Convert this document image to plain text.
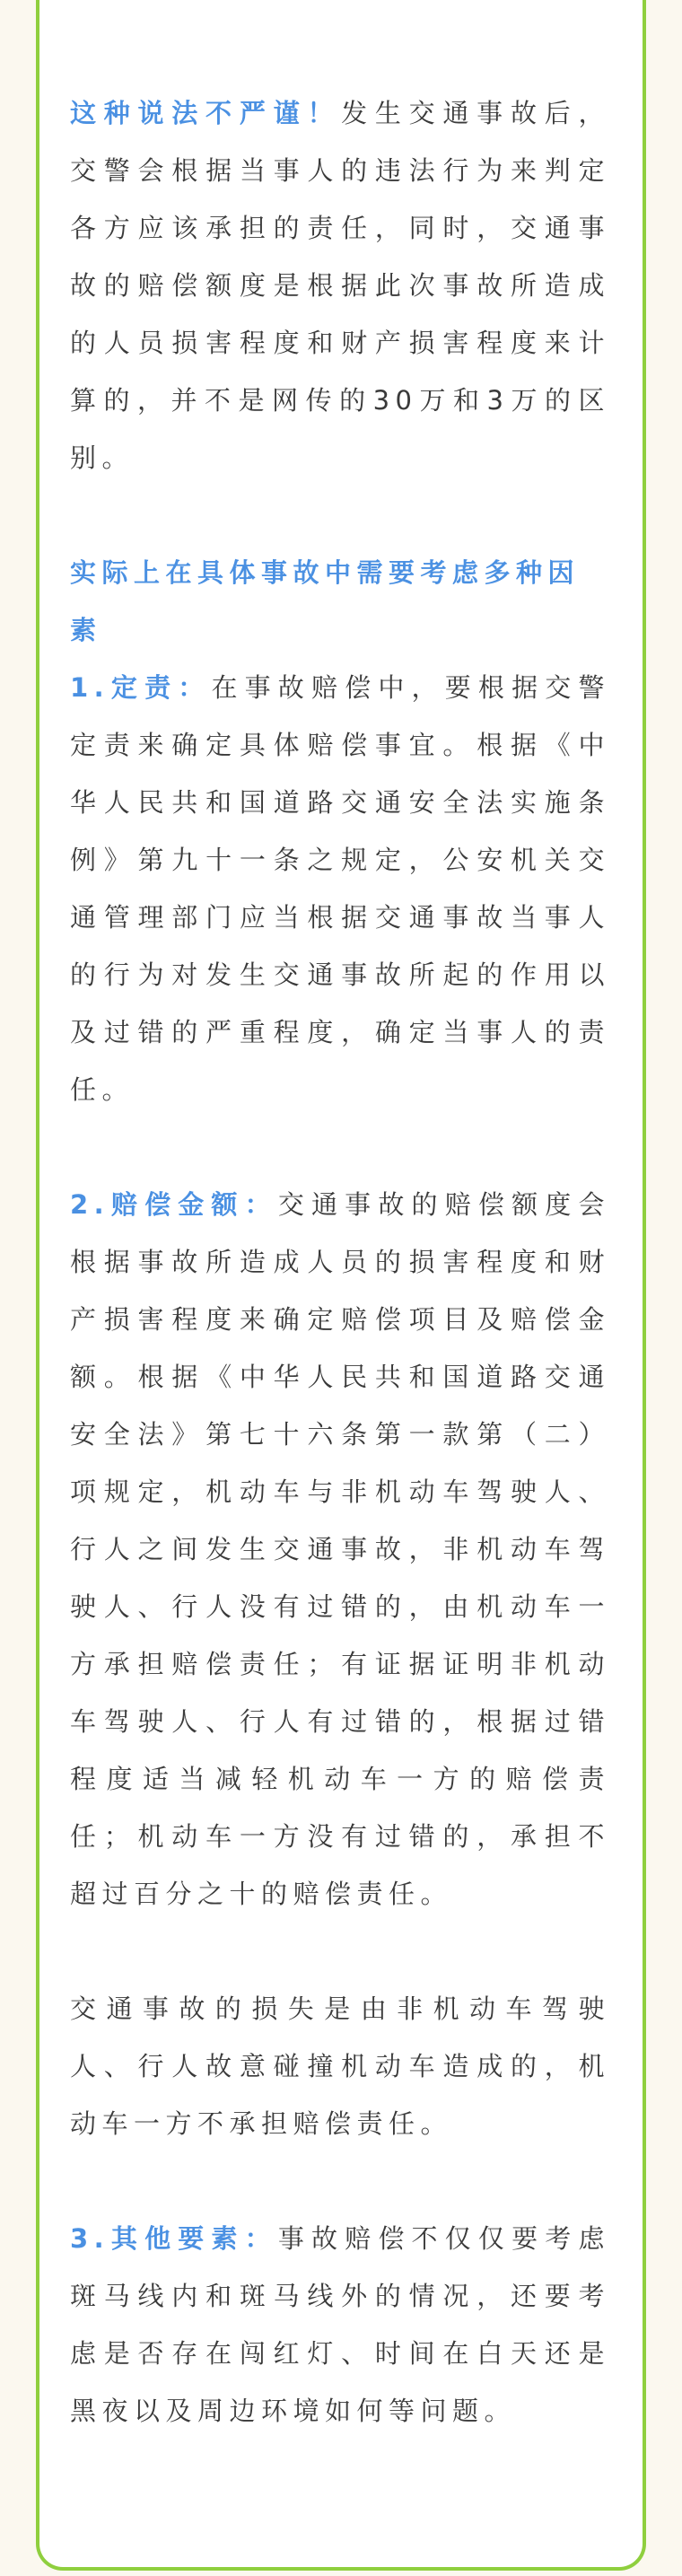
这种说法不严谨！发生交通事故后，交警会根据当事人的违法行为来判定各方应该承担的责任，同时，交通事故的赔偿额度是根据此次事故所造成的人员损害程度和财产损害程度来计算的，并不是网传的30万和3万的区别。

实际上在具体事故中需要考虑多种因素

1.定责：在事故赔偿中，要根据交警定责来确定具体赔偿事宜。根据《中华人民共和国道路交通安全法实施条例》第九十一条之规定，公安机关交通管理部门应当根据交通事故当事人的行为对发生交通事故所起的作用以及过错的严重程度，确定当事人的责任。

2.赔偿金额：交通事故的赔偿额度会根据事故所造成人员的损害程度和财产损害程度来确定赔偿项目及赔偿金额。根据《中华人民共和国道路交通安全法》第七十六条第一款第（二）项规定，机动车与非机动车驾驶人、行人之间发生交通事故，非机动车驾驶人、行人没有过错的，由机动车一方承担赔偿责任；有证据证明非机动车驾驶人、行人有过错的，根据过错程度适当减轻机动车一方的赔偿责任；机动车一方没有过错的，承担不超过百分之十的赔偿责任。

交通事故的损失是由非机动车驾驶人、行人故意碰撞机动车造成的，机动车一方不承担赔偿责任。

3.其他要素：事故赔偿不仅仅要考虑斑马线内和斑马线外的情况，还要考虑是否存在闯红灯、时间在白天还是黑夜以及周边环境如何等问题。
